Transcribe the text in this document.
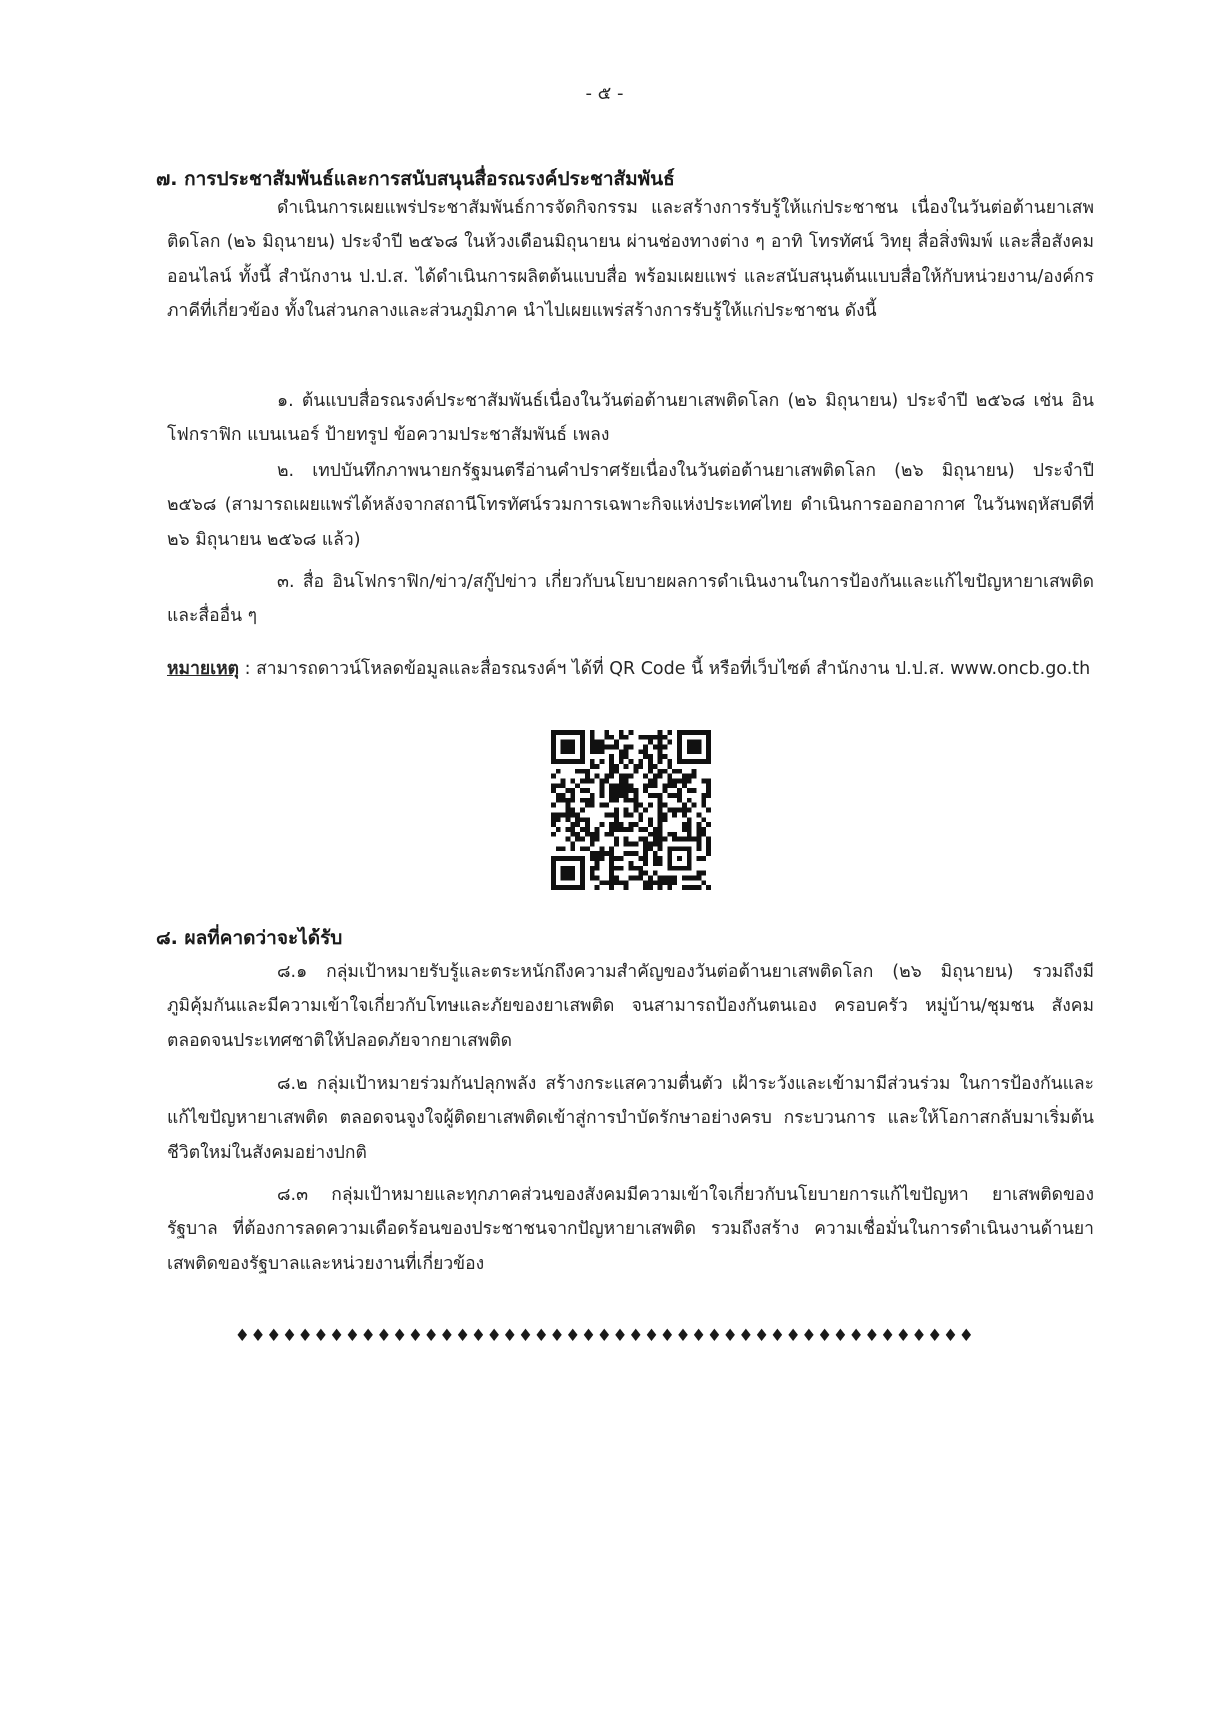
- ๕ -
๗. การประชาสัมพันธ์และการสนับสนุนสื่อรณรงค์ประชาสัมพันธ์
ดำเนินการเผยแพร่ประชาสัมพันธ์การจัดกิจกรรม และสร้างการรับรู้ให้แก่ประชาชน เนื่องในวันต่อต้านยาเสพติดโลก (๒๖ มิถุนายน) ประจำปี ๒๕๖๘ ในห้วงเดือนมิถุนายน ผ่านช่องทางต่าง ๆ อาทิ โทรทัศน์ วิทยุ สื่อสิ่งพิมพ์ และสื่อสังคมออนไลน์ ทั้งนี้ สำนักงาน ป.ป.ส. ได้ดำเนินการผลิตต้นแบบสื่อ พร้อมเผยแพร่ และสนับสนุนต้นแบบสื่อให้กับหน่วยงาน/องค์กรภาคีที่เกี่ยวข้อง ทั้งในส่วนกลางและส่วนภูมิภาค นำไปเผยแพร่สร้างการรับรู้ให้แก่ประชาชน ดังนี้
๑. ต้นแบบสื่อรณรงค์ประชาสัมพันธ์เนื่องในวันต่อต้านยาเสพติดโลก (๒๖ มิถุนายน) ประจำปี ๒๕๖๘ เช่น อินโฟกราฟิก แบนเนอร์ ป้ายทรูป ข้อความประชาสัมพันธ์ เพลง
๒. เทปบันทึกภาพนายกรัฐมนตรีอ่านคำปราศรัยเนื่องในวันต่อต้านยาเสพติดโลก (๒๖ มิถุนายน) ประจำปี ๒๕๖๘ (สามารถเผยแพร่ได้หลังจากสถานีโทรทัศน์รวมการเฉพาะกิจแห่งประเทศไทย ดำเนินการออกอากาศ ในวันพฤหัสบดีที่ ๒๖ มิถุนายน ๒๕๖๘ แล้ว)
๓. สื่อ อินโฟกราฟิก/ข่าว/สกู๊ปข่าว เกี่ยวกับนโยบายผลการดำเนินงานในการป้องกันและแก้ไขปัญหายาเสพติด และสื่ออื่น ๆ
หมายเหตุ : สามารถดาวน์โหลดข้อมูลและสื่อรณรงค์ฯ ได้ที่ QR Code นี้ หรือที่เว็บไซต์ สำนักงาน ป.ป.ส. www.oncb.go.th
๘. ผลที่คาดว่าจะได้รับ
๘.๑ กลุ่มเป้าหมายรับรู้และตระหนักถึงความสำคัญของวันต่อต้านยาเสพติดโลก (๒๖ มิถุนายน) รวมถึงมีภูมิคุ้มกันและมีความเข้าใจเกี่ยวกับโทษและภัยของยาเสพติด จนสามารถป้องกันตนเอง ครอบครัว หมู่บ้าน/ชุมชน สังคม ตลอดจนประเทศชาติให้ปลอดภัยจากยาเสพติด
๘.๒ กลุ่มเป้าหมายร่วมกันปลุกพลัง สร้างกระแสความตื่นตัว เฝ้าระวังและเข้ามามีส่วนร่วม ในการป้องกันและแก้ไขปัญหายาเสพติด ตลอดจนจูงใจผู้ติดยาเสพติดเข้าสู่การบำบัดรักษาอย่างครบ กระบวนการ และให้โอกาสกลับมาเริ่มต้นชีวิตใหม่ในสังคมอย่างปกติ
๘.๓ กลุ่มเป้าหมายและทุกภาคส่วนของสังคมมีความเข้าใจเกี่ยวกับนโยบายการแก้ไขปัญหา ยาเสพติดของรัฐบาล ที่ต้องการลดความเดือดร้อนของประชาชนจากปัญหายาเสพติด รวมถึงสร้าง ความเชื่อมั่นในการดำเนินงานด้านยาเสพติดของรัฐบาลและหน่วยงานที่เกี่ยวข้อง
♦♦♦♦♦♦♦♦♦♦♦♦♦♦♦♦♦♦♦♦♦♦♦♦♦♦♦♦♦♦♦♦♦♦♦♦♦♦♦♦♦♦♦♦♦♦♦
